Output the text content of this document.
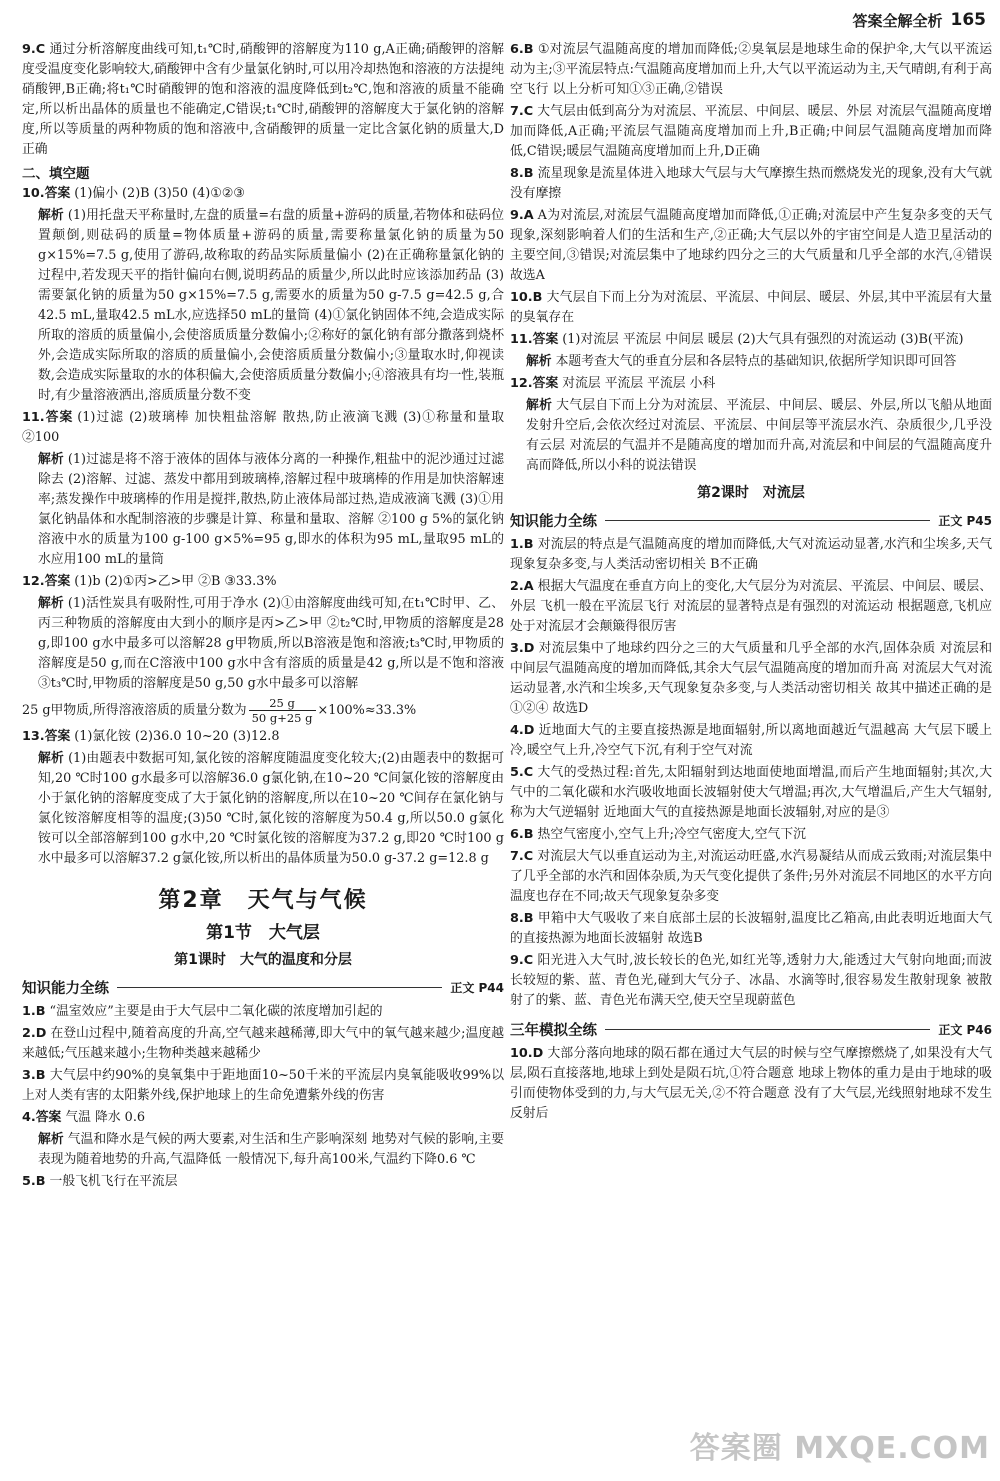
答案全解全析 165

9.C 通过分析溶解度曲线可知,t₁℃时,硝酸钾的溶解度为110 g,A正确;硝酸钾的溶解度受温度变化影响较大,硝酸钾中含有少量氯化钠时,可以用冷却热饱和溶液的方法提纯硝酸钾,B正确;将t₁℃时硝酸钾的饱和溶液的温度降低到t₂℃,饱和溶液的质量不能确定,所以析出晶体的质量也不能确定,C错误;t₁℃时,硝酸钾的溶解度大于氯化钠的溶解度,所以等质量的两种物质的饱和溶液中,含硝酸钾的质量一定比含氯化钠的质量大,D正确

二、填空题

10.答案 (1)偏小 (2)B (3)50 (4)①②③

解析 (1)用托盘天平称量时,左盘的质量=右盘的质量+游码的质量,若物体和砝码位置颠倒,则砝码的质量=物体质量+游码的质量,需要称量氯化钠的质量为50 g×15%=7.5 g,使用了游码,故称取的药品实际质量偏小 (2)在正确称量氯化钠的过程中,若发现天平的指针偏向右侧,说明药品的质量少,所以此时应该添加药品 (3)需要氯化钠的质量为50 g×15%=7.5 g,需要水的质量为50 g-7.5 g=42.5 g,合42.5 mL,量取42.5 mL水,应选择50 mL的量筒 (4)①氯化钠固体不纯,会造成实际所取的溶质的质量偏小,会使溶质质量分数偏小;②称好的氯化钠有部分撒落到烧杯外,会造成实际所取的溶质的质量偏小,会使溶质质量分数偏小;③量取水时,仰视读数,会造成实际量取的水的体积偏大,会使溶质质量分数偏小;④溶液具有均一性,装瓶时,有少量溶液洒出,溶质质量分数不变

11.答案 (1)过滤 (2)玻璃棒 加快粗盐溶解 散热,防止液滴飞溅 (3)①称量和量取 ②100

解析 (1)过滤是将不溶于液体的固体与液体分离的一种操作,粗盐中的泥沙通过过滤除去 (2)溶解、过滤、蒸发中都用到玻璃棒,溶解过程中玻璃棒的作用是加快溶解速率;蒸发操作中玻璃棒的作用是搅拌,散热,防止液体局部过热,造成液滴飞溅 (3)①用氯化钠晶体和水配制溶液的步骤是计算、称量和量取、溶解 ②100 g 5%的氯化钠溶液中水的质量为100 g-100 g×5%=95 g,即水的体积为95 mL,量取95 mL的水应用100 mL的量筒

12.答案 (1)b (2)①丙>乙>甲 ②B ③33.3%

解析 (1)活性炭具有吸附性,可用于净水 (2)①由溶解度曲线可知,在t₁℃时甲、乙、丙三种物质的溶解度由大到小的顺序是丙>乙>甲 ②t₂℃时,甲物质的溶解度是28 g,即100 g水中最多可以溶解28 g甲物质,所以B溶液是饱和溶液;t₃℃时,甲物质的溶解度是50 g,而在C溶液中100 g水中含有溶质的质量是42 g,所以是不饱和溶液 ③t₃℃时,甲物质的溶解度是50 g,50 g水中最多可以溶解

25 g甲物质,所得溶液溶质的质量分数为 $\frac{25 g}{50 g+25 g} \times 100\%\approx 33.3\%$

13.答案 (1)氯化铵 (2)36.0 10~20 (3)12.8

解析 (1)由题表中数据可知,氯化铵的溶解度随温度变化较大;(2)由题表中的数据可知,20 ℃时100 g水最多可以溶解36.0 g氯化钠,在10~20 ℃间氯化铵的溶解度由小于氯化钠的溶解度变成了大于氯化钠的溶解度,所以在10~20 ℃间存在氯化钠与氯化铵溶解度相等的温度;(3)50 ℃时,氯化铵的溶解度为50.4 g,所以50.0 g氯化铵可以全部溶解到100 g水中,20 ℃时氯化铵的溶解度为37.2 g,即20 ℃时100 g水中最多可以溶解37.2 g氯化铵,所以析出的晶体质量为50.0 g-37.2 g=12.8 g

第2章　天气与气候
第1节　大气层
第1课时　大气的温度和分层
知识能力全练	正文 P44

1.B “温室效应”主要是由于大气层中二氧化碳的浓度增加引起的

2.D 在登山过程中,随着高度的升高,空气越来越稀薄,即大气中的氧气越来越少;温度越来越低;气压越来越小;生物种类越来越稀少

3.B 大气层中约90%的臭氧集中于距地面10~50千米的平流层内臭氧能吸收99%以上对人类有害的太阳紫外线,保护地球上的生命免遭紫外线的伤害

4.答案 气温 降水 0.6

解析 气温和降水是气候的两大要素,对生活和生产影响深刻 地势对气候的影响,主要表现为随着地势的升高,气温降低 一般情况下,每升高100米,气温约下降0.6 ℃

5.B 一般飞机飞行在平流层

6.B ①对流层气温随高度的增加而降低;②臭氧层是地球生命的保护伞,大气以平流运动为主;③平流层特点:气温随高度增加而上升,大气以平流运动为主,天气晴朗,有利于高空飞行 以上分析可知①③正确,②错误

7.C 大气层由低到高分为对流层、平流层、中间层、暖层、外层 对流层气温随高度增加而降低,A正确;平流层气温随高度增加而上升,B正确;中间层气温随高度增加而降低,C错误;暖层气温随高度增加而上升,D正确

8.B 流星现象是流星体进入地球大气层与大气摩擦生热而燃烧发光的现象,没有大气就没有摩擦

9.A A为对流层,对流层气温随高度增加而降低,①正确;对流层中产生复杂多变的天气现象,深刻影响着人们的生活和生产,②正确;大气层以外的宇宙空间是人造卫星活动的主要空间,③错误;对流层集中了地球约四分之三的大气质量和几乎全部的水汽,④错误 故选A

10.B 大气层自下而上分为对流层、平流层、中间层、暖层、外层,其中平流层有大量的臭氧存在

11.答案 (1)对流层 平流层 中间层 暖层 (2)大气具有强烈的对流运动 (3)B(平流)

解析 本题考查大气的垂直分层和各层特点的基础知识,依据所学知识即可回答

12.答案 对流层 平流层 平流层 小科

解析 大气层自下而上分为对流层、平流层、中间层、暖层、外层,所以飞船从地面发射升空后,会依次经过对流层、平流层、中间层等平流层水汽、杂质很少,几乎没有云层 对流层的气温并不是随高度的增加而升高,对流层和中间层的气温随高度升高而降低,所以小科的说法错误

第2课时　对流层
知识能力全练	正文 P45

1.B 对流层的特点是气温随高度的增加而降低,大气对流运动显著,水汽和尘埃多,天气现象复杂多变,与人类活动密切相关 B不正确

2.A 根据大气温度在垂直方向上的变化,大气层分为对流层、平流层、中间层、暖层、外层 飞机一般在平流层飞行 对流层的显著特点是有强烈的对流运动 根据题意,飞机应处于对流层才会颠簸得很厉害

3.D 对流层集中了地球约四分之三的大气质量和几乎全部的水汽,固体杂质 对流层和中间层气温随高度的增加而降低,其余大气层气温随高度的增加而升高 对流层大气对流运动显著,水汽和尘埃多,天气现象复杂多变,与人类活动密切相关 故其中描述正确的是①②④ 故选D

4.D 近地面大气的主要直接热源是地面辐射,所以离地面越近气温越高 大气层下暖上冷,暖空气上升,冷空气下沉,有利于空气对流

5.C 大气的受热过程:首先,太阳辐射到达地面使地面增温,而后产生地面辐射;其次,大气中的二氧化碳和水汽吸收地面长波辐射使大气增温;再次,大气增温后,产生大气辐射,称为大气逆辐射 近地面大气的直接热源是地面长波辐射,对应的是③

6.B 热空气密度小,空气上升;冷空气密度大,空气下沉

7.C 对流层大气以垂直运动为主,对流运动旺盛,水汽易凝结从而成云致雨;对流层集中了几乎全部的水汽和固体杂质,为天气变化提供了条件;另外对流层不同地区的水平方向温度也存在不同;故天气现象复杂多变

8.B 甲箱中大气吸收了来自底部土层的长波辐射,温度比乙箱高,由此表明近地面大气的直接热源为地面长波辐射 故选B

9.C 阳光进入大气时,波长较长的色光,如红光等,透射力大,能透过大气射向地面;而波长较短的紫、蓝、青色光,碰到大气分子、冰晶、水滴等时,很容易发生散射现象 被散射了的紫、蓝、青色光布满天空,使天空呈现蔚蓝色

三年模拟全练	正文 P46

10.D 大部分落向地球的陨石都在通过大气层的时候与空气摩擦燃烧了,如果没有大气层,陨石直接落地,地球上到处是陨石坑,①符合题意 地球上物体的重力是由于地球的吸引而使物体受到的力,与大气层无关,②不符合题意 没有了大气层,光线照射地球不发生反射后

答案圈 MXQE.COM
